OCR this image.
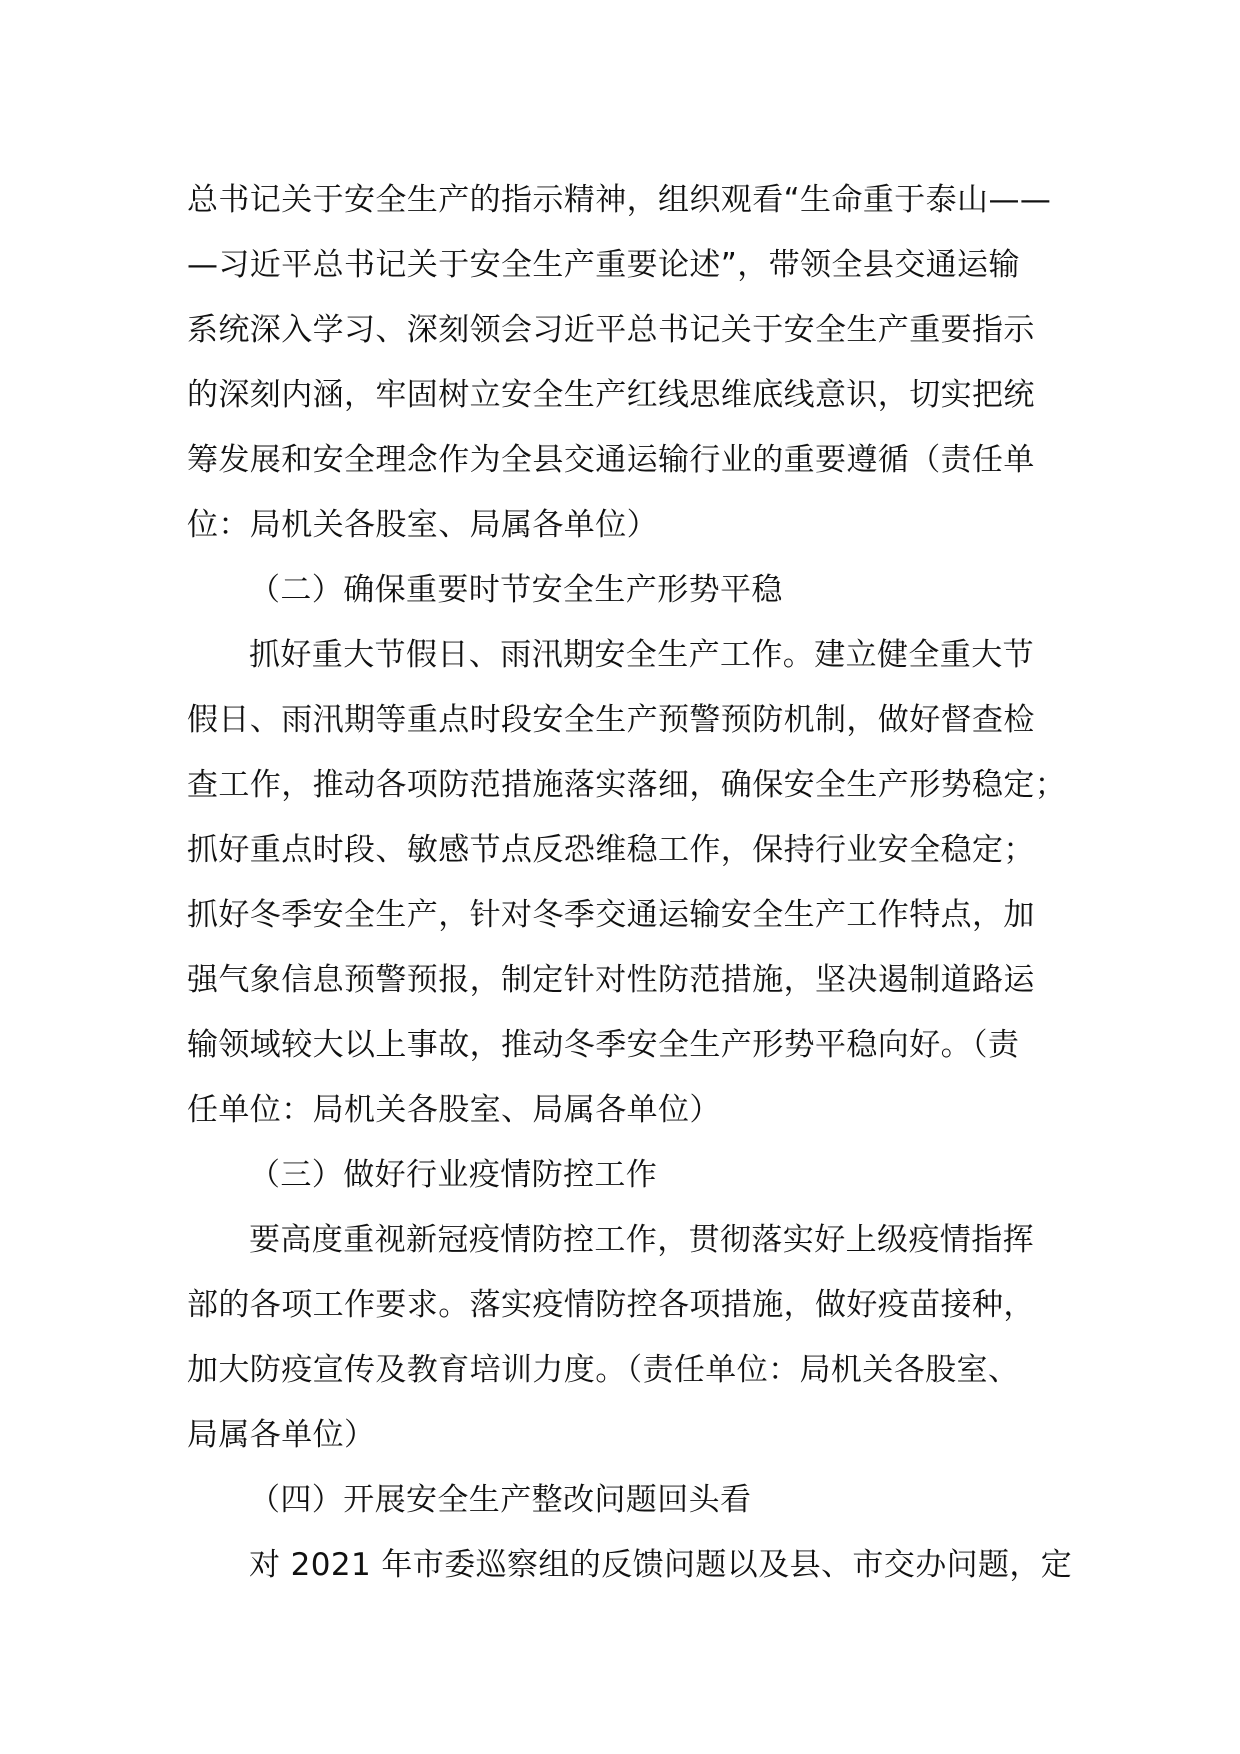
总书记关于安全生产的指示精神，组织观看“生命重于泰山——
—习近平总书记关于安全生产重要论述”，带领全县交通运输
系统深入学习、深刻领会习近平总书记关于安全生产重要指示
的深刻内涵，牢固树立安全生产红线思维底线意识，切实把统
筹发展和安全理念作为全县交通运输行业的重要遵循（责任单
位：局机关各股室、局属各单位）
（二）确保重要时节安全生产形势平稳
抓好重大节假日、雨汛期安全生产工作。建立健全重大节
假日、雨汛期等重点时段安全生产预警预防机制，做好督查检
查工作，推动各项防范措施落实落细，确保安全生产形势稳定；
抓好重点时段、敏感节点反恐维稳工作，保持行业安全稳定；
抓好冬季安全生产，针对冬季交通运输安全生产工作特点，加
强气象信息预警预报，制定针对性防范措施，坚决遏制道路运
输领域较大以上事故，推动冬季安全生产形势平稳向好。（责
任单位：局机关各股室、局属各单位）
（三）做好行业疫情防控工作
要高度重视新冠疫情防控工作，贯彻落实好上级疫情指挥
部的各项工作要求。落实疫情防控各项措施，做好疫苗接种，
加大防疫宣传及教育培训力度。（责任单位：局机关各股室、
局属各单位）
（四）开展安全生产整改问题回头看
对 2021 年市委巡察组的反馈问题以及县、市交办问题，定
